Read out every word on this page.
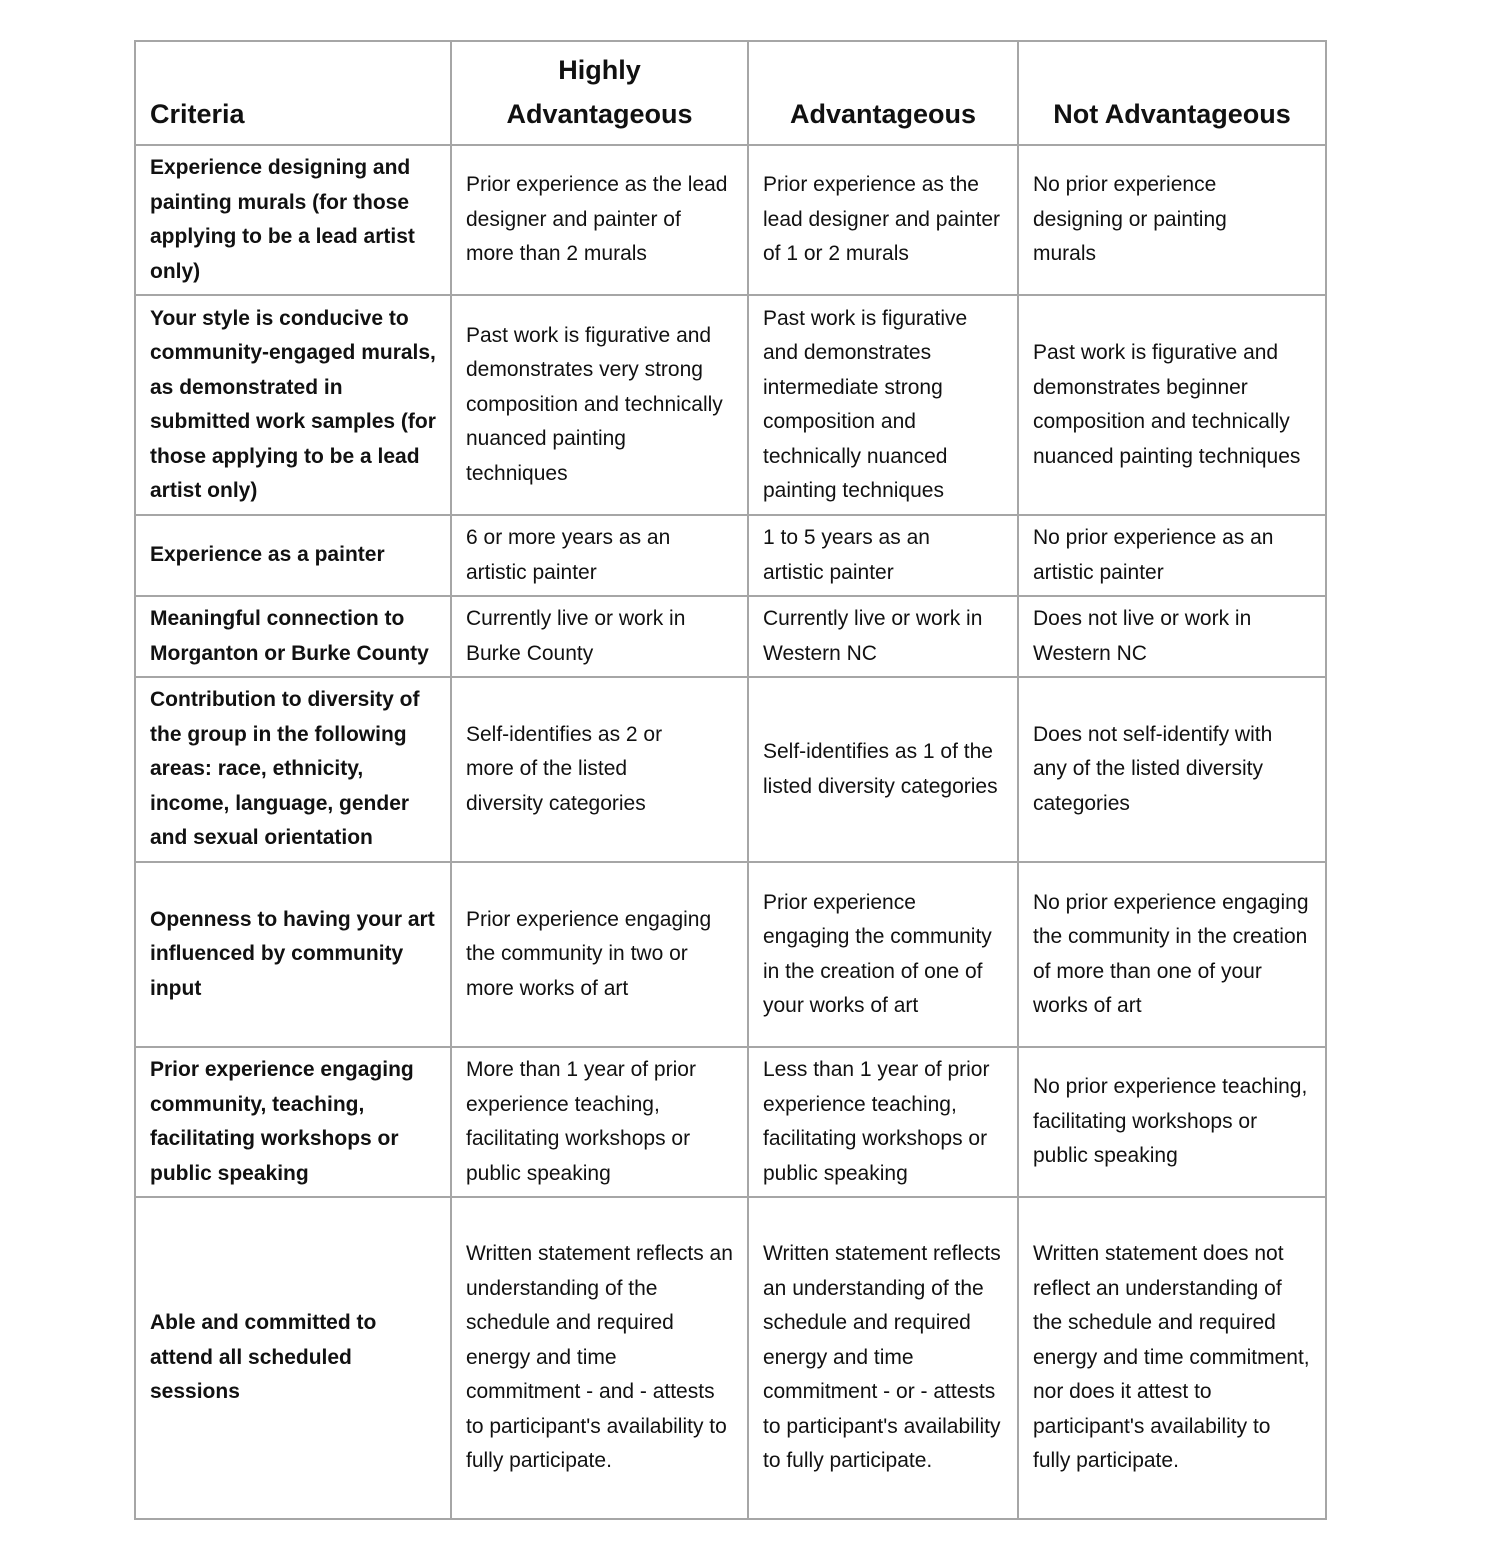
Criteria	Highly Advantageous	Advantageous	Not Advantageous
Experience designing and painting murals (for those applying to be a lead artist only)	Prior experience as the lead designer and painter of more than 2 murals	Prior experience as the lead designer and painter of 1 or 2 murals	No prior experience designing or painting murals
Your style is conducive to community-engaged murals, as demonstrated in submitted work samples (for those applying to be a lead artist only)	Past work is figurative and demonstrates very strong composition and technically nuanced painting techniques	Past work is figurative and demonstrates intermediate strong composition and technically nuanced painting techniques	Past work is figurative and demonstrates beginner composition and technically nuanced painting techniques
Experience as a painter	6 or more years as an artistic painter	1 to 5 years as an artistic painter	No prior experience as an artistic painter
Meaningful connection to Morganton or Burke County	Currently live or work in Burke County	Currently live or work in Western NC	Does not live or work in Western NC
Contribution to diversity of the group in the following areas: race, ethnicity, income, language, gender and sexual orientation	Self-identifies as 2 or more of the listed diversity categories	Self-identifies as 1 of the listed diversity categories	Does not self-identify with any of the listed diversity categories
Openness to having your art influenced by community input	Prior experience engaging the community in two or more works of art	Prior experience engaging the community in the creation of one of your works of art	No prior experience engaging the community in the creation of more than one of your works of art
Prior experience engaging community, teaching, facilitating workshops or public speaking	More than 1 year of prior experience teaching, facilitating workshops or public speaking	Less than 1 year of prior experience teaching, facilitating workshops or public speaking	No prior experience teaching, facilitating workshops or public speaking
Able and committed to attend all scheduled sessions	Written statement reflects an understanding of the schedule and required energy and time commitment - and - attests to participant's availability to fully participate.	Written statement reflects an understanding of the schedule and required energy and time commitment - or - attests to participant's availability to fully participate.	Written statement does not reflect an understanding of the schedule and required energy and time commitment, nor does it attest to participant's availability to fully participate.
